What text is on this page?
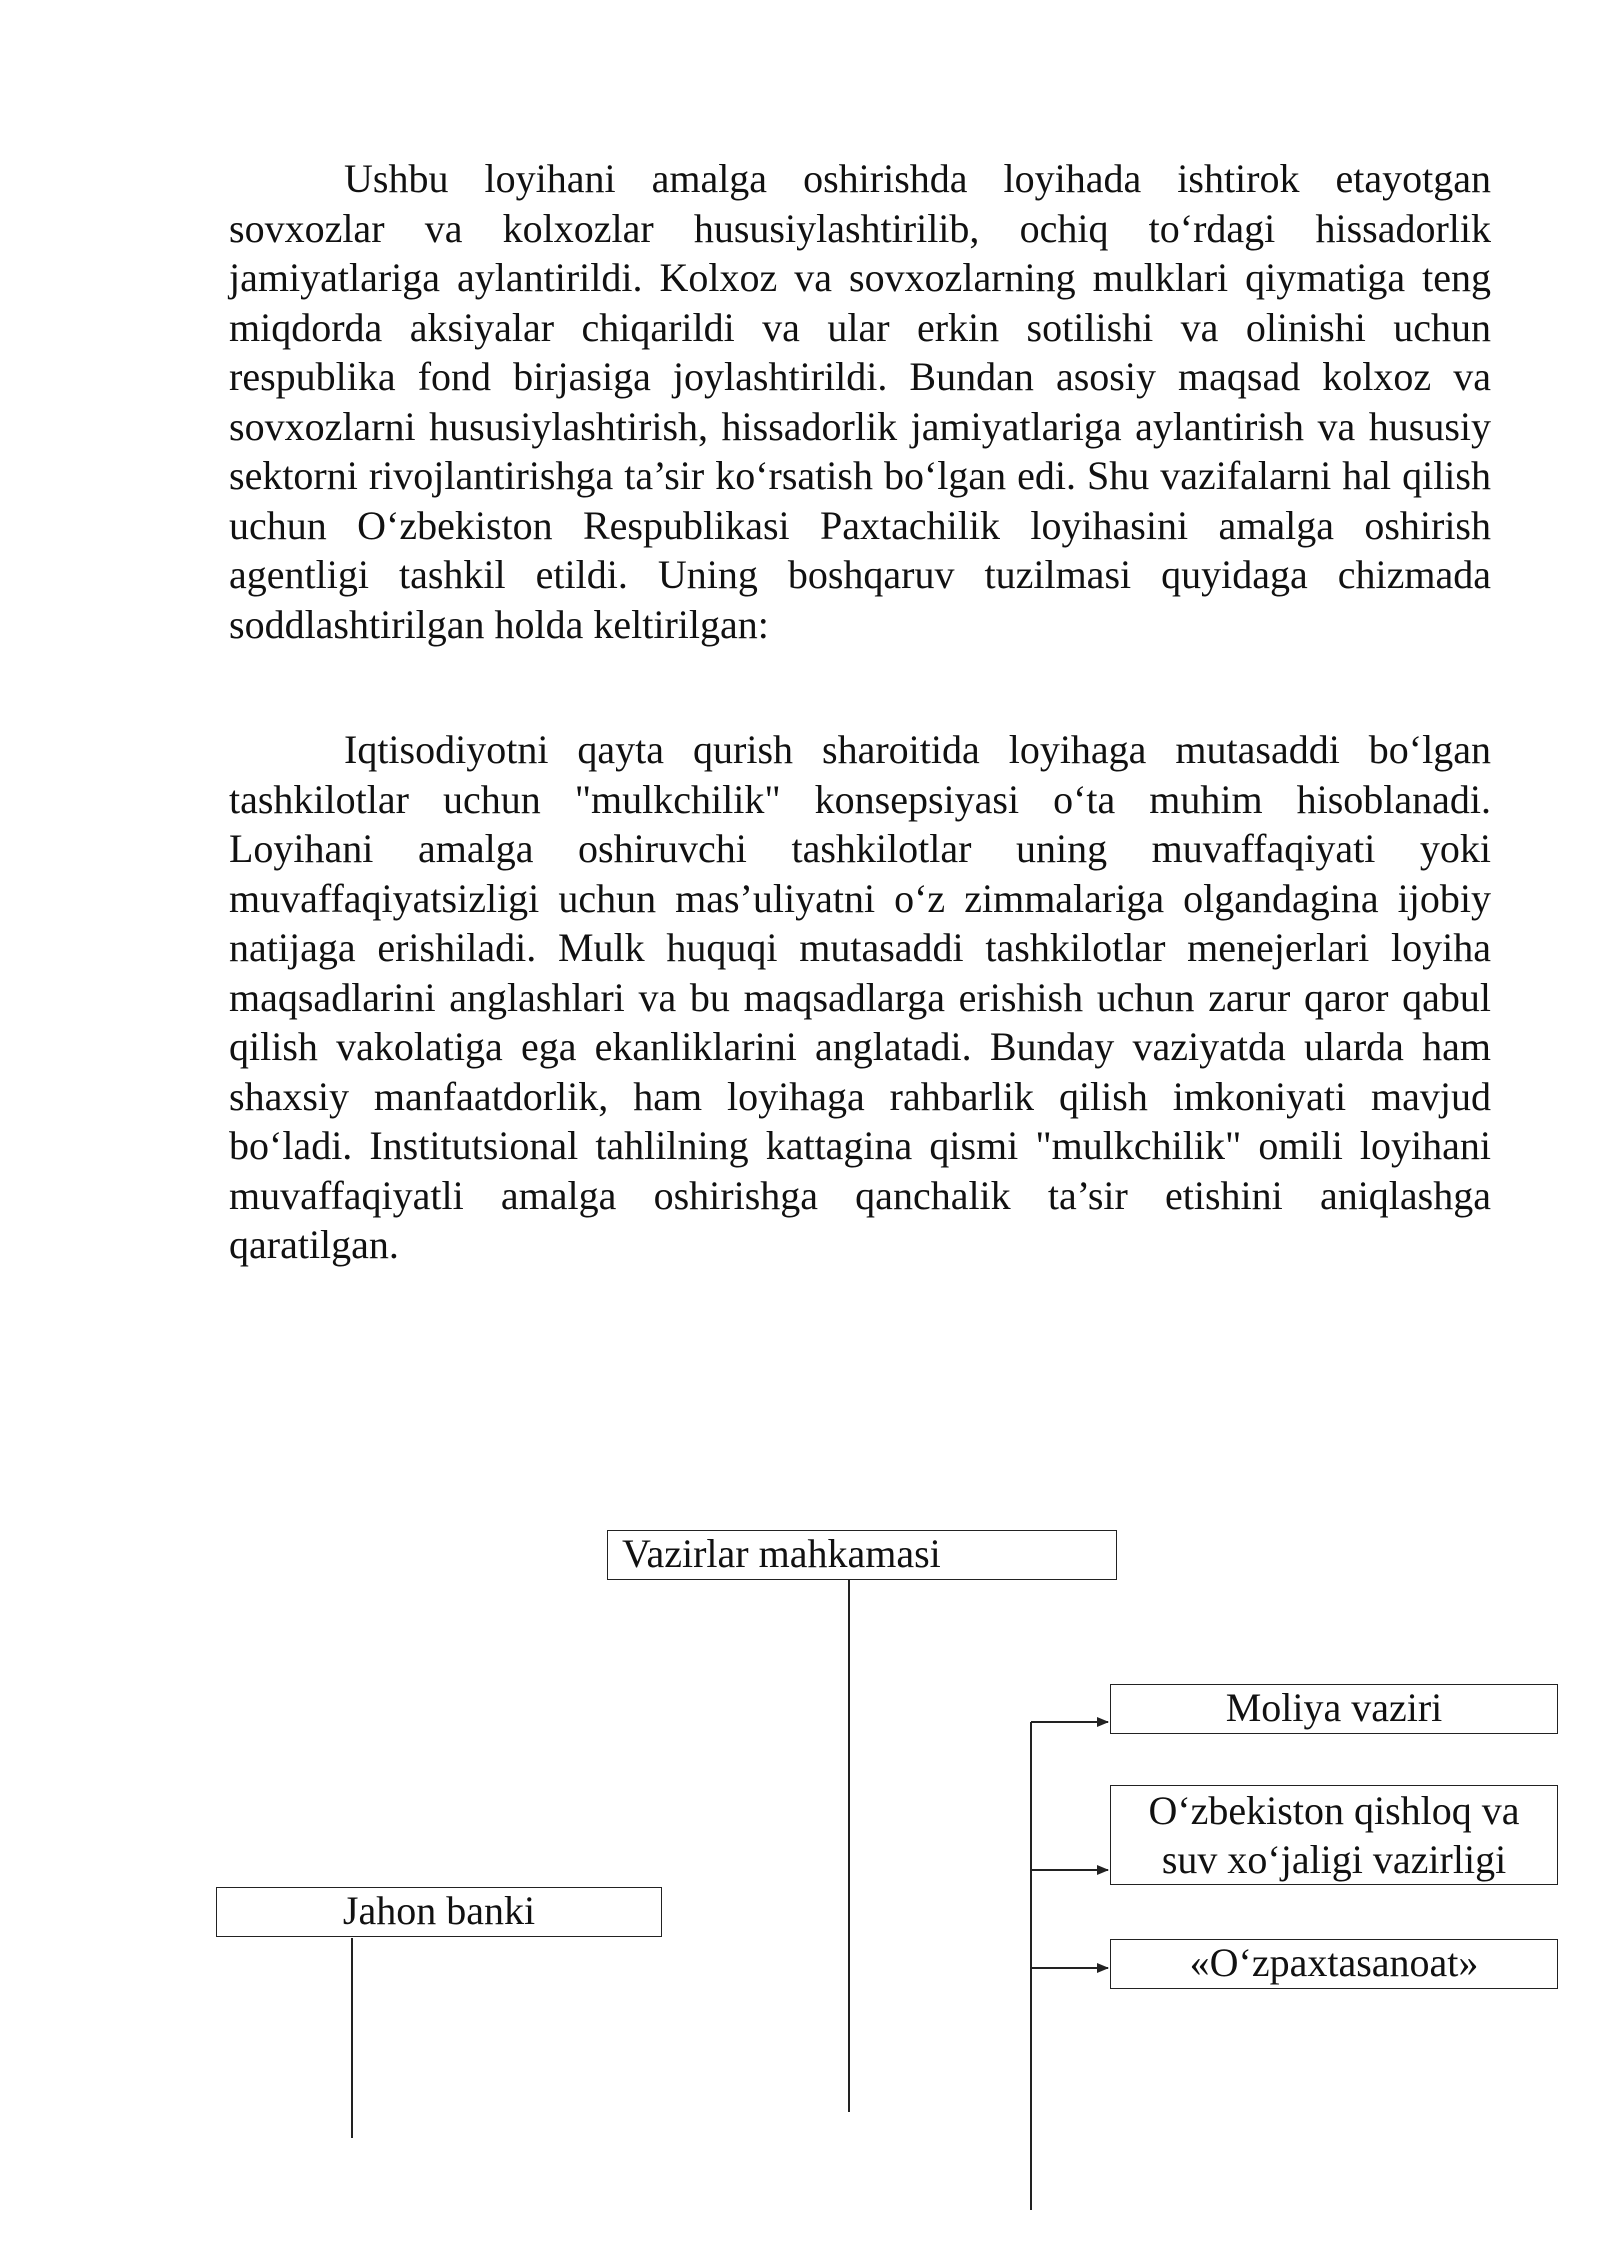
Ushbu loyihani amalga oshirishda loyihada ishtirok etayotgan sovxozlar va kolxozlar hususiylashtirilib, ochiq to‘rdagi hissadorlik jamiyatlariga aylantirildi. Kolxoz va sovxozlarning mulklari qiymatiga teng miqdorda aksiyalar chiqarildi va ular erkin sotilishi va olinishi uchun respublika fond birjasiga joylashtirildi. Bundan asosiy maqsad kolxoz va sovxozlarni hususiylashtirish, hissadorlik jamiyatlariga aylantirish va hususiy sektorni rivojlantirishga ta’sir ko‘rsatish bo‘lgan edi. Shu vazifalarni hal qilish uchun O‘zbekiston Respublikasi Paxtachilik loyihasini amalga oshirish agentligi tashkil etildi. Uning boshqaruv tuzilmasi quyidaga chizmada soddlashtirilgan holda keltirilgan:

Iqtisodiyotni qayta qurish sharoitida loyihaga mutasaddi bo‘lgan tashkilotlar uchun "mulkchilik" konsepsiyasi o‘ta muhim hisoblanadi. Loyihani amalga oshiruvchi tashkilotlar uning muvaffaqiyati yoki muvaffaqiyatsizligi uchun mas’uliyatni o‘z zimmalariga olgandagina ijobiy natijaga erishiladi. Mulk huquqi mutasaddi tashkilotlar menejerlari loyiha maqsadlarini anglashlari va bu maqsadlarga erishish uchun zarur qaror qabul qilish vakolatiga ega ekanliklarini anglatadi. Bunday vaziyatda ularda ham shaxsiy manfaatdorlik, ham loyihaga rahbarlik qilish imkoniyati mavjud bo‘ladi. Institutsional tahlilning kattagina qismi "mulkchilik" omili loyihani muvaffaqiyatli amalga oshirishga qanchalik ta’sir etishini aniqlashga qaratilgan.

Vazirlar mahkamasi
Moliya vaziri
O‘zbekiston qishloq va
suv xo‘jaligi vazirligi
Jahon banki
«O‘zpaxtasanoat»
